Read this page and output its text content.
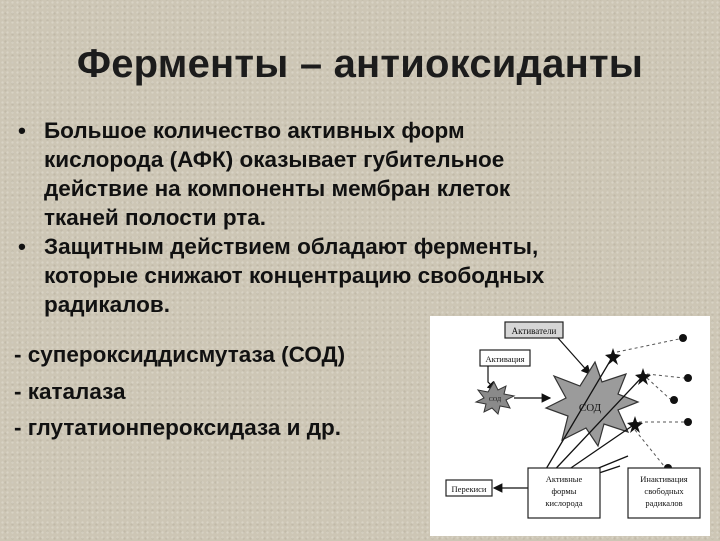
Ферменты – антиоксиданты
• Большое количество активных форм
кислорода (АФК) оказывает губительное
действие на компоненты мембран клеток
тканей полости рта.
• Защитным действием обладают ферменты,
которые снижают концентрацию свободных
радикалов.
- супероксиддисмутаза (СОД)
- каталаза
- глутатионпероксидаза и др.
Активатели
Активация
СОД
СОД
Перекиси
Активные
формы
кислорода
Инактивация
свободных
радикалов
